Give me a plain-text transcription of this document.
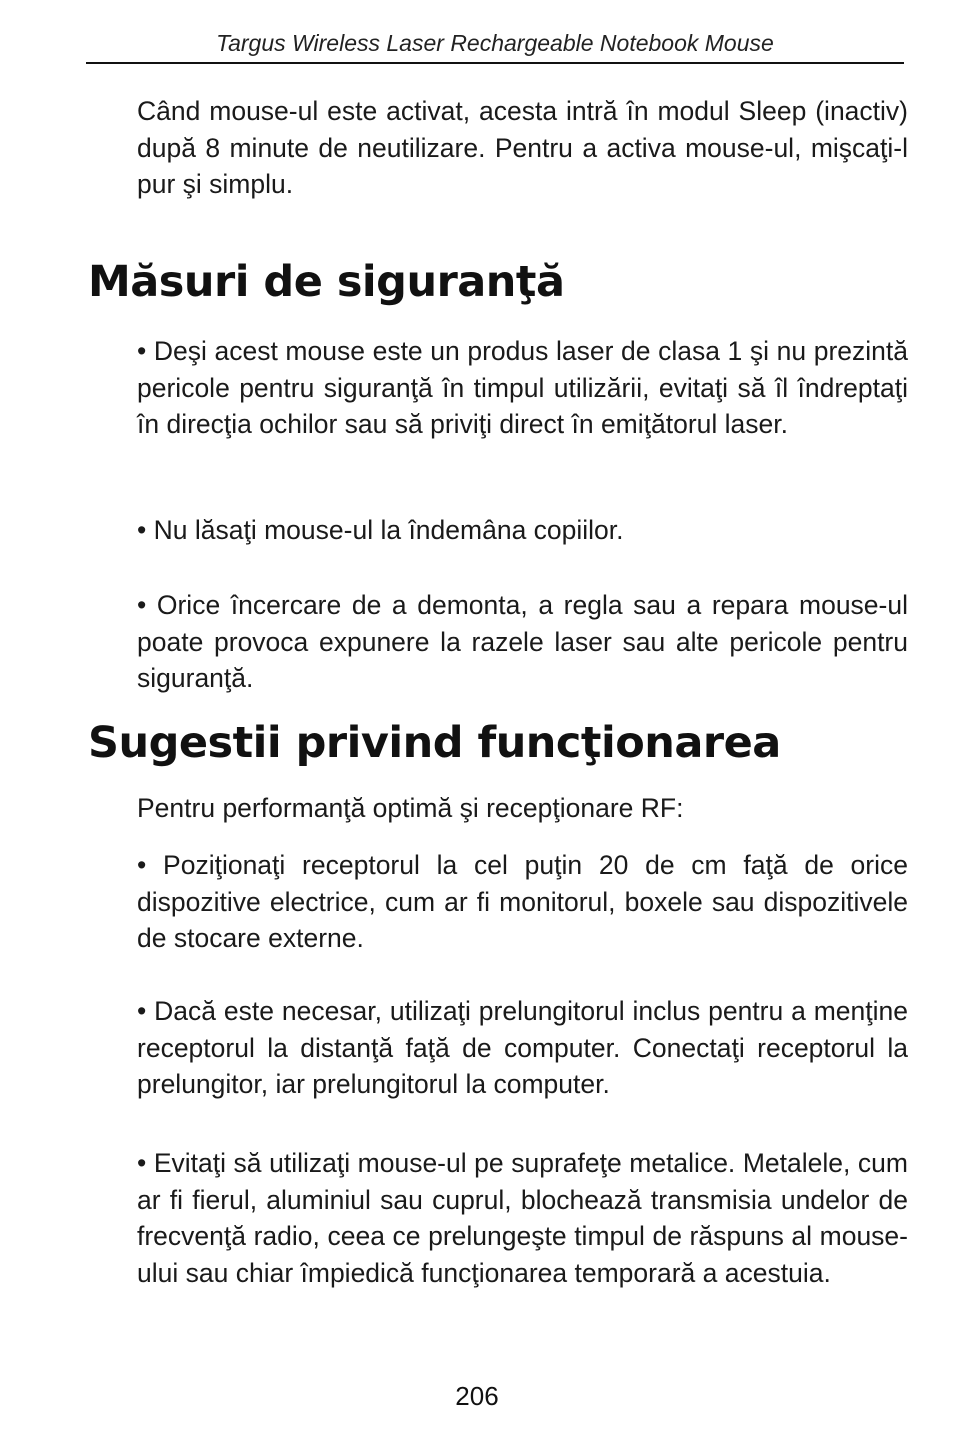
Targus Wireless Laser Rechargeable Notebook Mouse

Când mouse-ul este activat, acesta intră în modul Sleep (inactiv) după 8 minute de neutilizare. Pentru a activa mouse-ul, mişcaţi-l pur şi simplu.

Măsuri de siguranţă

• Deşi acest mouse este un produs laser de clasa 1 şi nu prezintă pericole pentru siguranţă în timpul utilizării, evitaţi să îl îndreptaţi în direcţia ochilor sau să priviţi direct în emiţătorul laser.

• Nu lăsaţi mouse-ul la îndemâna copiilor.

• Orice încercare de a demonta, a regla sau a repara mouse-ul poate provoca expunere la razele laser sau alte pericole pentru siguranţă.

Sugestii privind funcţionarea

Pentru performanţă optimă şi recepţionare RF:

• Poziţionaţi receptorul la cel puţin 20 de cm faţă de orice dispozitive electrice, cum ar fi monitorul, boxele sau dispozitivele de stocare externe.

• Dacă este necesar, utilizaţi prelungitorul inclus pentru a menţine receptorul la distanţă faţă de computer. Conectaţi receptorul la prelungitor, iar prelungitorul la computer.

• Evitaţi să utilizaţi mouse-ul pe suprafeţe metalice. Metalele, cum ar fi fierul, aluminiul sau cuprul, blochează transmisia undelor de frecvenţă radio, ceea ce prelungeşte timpul de răspuns al mouse-ului sau chiar împiedică funcţionarea temporară a acestuia.

206
